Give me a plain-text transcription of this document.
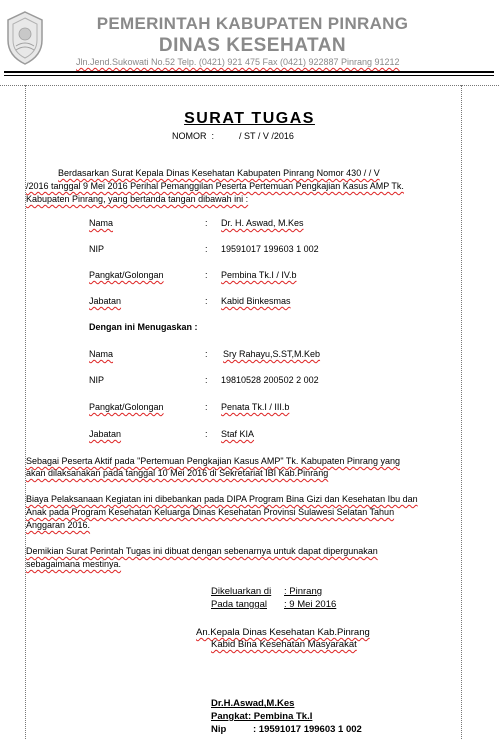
PEMERINTAH KABUPATEN PINRANG
DINAS KESEHATAN
Jln.Jend.Sukowati No.52 Telp. (0421) 921 475 Fax (0421) 922887 Pinrang 91212
SURAT TUGAS
NOMOR  :          / ST / V /2016
Berdasarkan Surat Kepala Dinas Kesehatan Kabupaten Pinrang Nomor 430 / / V
/2016 tanggal 9 Mei 2016 Perihal Pemanggilan Peserta Pertemuan Pengkajian Kasus AMP Tk.
Kabupaten Pinrang, yang bertanda tangan dibawah ini :
Nama	: Dr. H. Aswad, M.Kes
NIP	: 19591017 199603 1 002
Pangkat/Golongan	: Pembina Tk.I / IV.b
Jabatan	: Kabid Binkesmas
Dengan ini Menugaskan :
Nama	: Sry Rahayu,S.ST,M.Keb
NIP	: 19810528 200502 2 002
Pangkat/Golongan	: Penata Tk.I / III.b
Jabatan	: Staf KIA
Sebagai Peserta Aktif pada "Pertemuan Pengkajian Kasus AMP" Tk. Kabupaten Pinrang yang
akan dilaksanakan pada tanggal 10 Mei 2016 di Sekretariat IBI Kab.Pinrang
Biaya Pelaksanaan Kegiatan ini dibebankan pada DIPA Program Bina Gizi dan Kesehatan Ibu dan
Anak pada Program Kesehatan Keluarga Dinas Kesehatan Provinsi Sulawesi Selatan Tahun
Anggaran 2016.
Demikian Surat Perintah Tugas ini dibuat dengan sebenarnya untuk dapat dipergunakan
sebagaimana mestinya.
Dikeluarkan di : Pinrang
Pada tanggal : 9 Mei 2016
An.Kepala Dinas Kesehatan Kab.Pinrang
Kabid Bina Kesehatan Masyarakat
Dr.H.Aswad,M.Kes
Pangkat: Pembina Tk.I
Nip	: 19591017 199603 1 002
